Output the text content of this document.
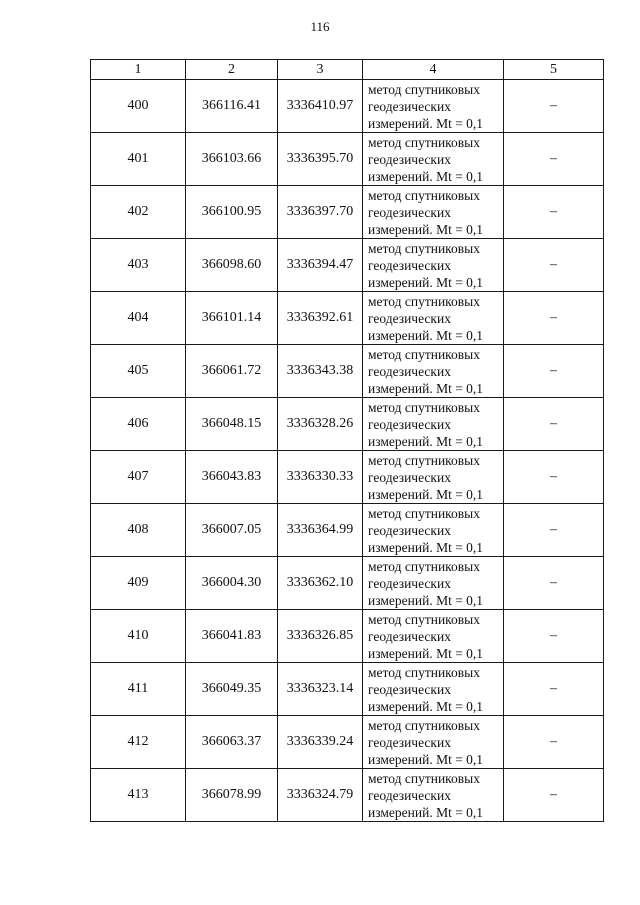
116
1	2	3	4	5
400	366116.41	3336410.97	метод спутниковых геодезических измерений. Mt = 0,1	–
401	366103.66	3336395.70	метод спутниковых геодезических измерений. Mt = 0,1	–
402	366100.95	3336397.70	метод спутниковых геодезических измерений. Mt = 0,1	–
403	366098.60	3336394.47	метод спутниковых геодезических измерений. Mt = 0,1	–
404	366101.14	3336392.61	метод спутниковых геодезических измерений. Mt = 0,1	–
405	366061.72	3336343.38	метод спутниковых геодезических измерений. Mt = 0,1	–
406	366048.15	3336328.26	метод спутниковых геодезических измерений. Mt = 0,1	–
407	366043.83	3336330.33	метод спутниковых геодезических измерений. Mt = 0,1	–
408	366007.05	3336364.99	метод спутниковых геодезических измерений. Mt = 0,1	–
409	366004.30	3336362.10	метод спутниковых геодезических измерений. Mt = 0,1	–
410	366041.83	3336326.85	метод спутниковых геодезических измерений. Mt = 0,1	–
411	366049.35	3336323.14	метод спутниковых геодезических измерений. Mt = 0,1	–
412	366063.37	3336339.24	метод спутниковых геодезических измерений. Mt = 0,1	–
413	366078.99	3336324.79	метод спутниковых геодезических измерений. Mt = 0,1	–
